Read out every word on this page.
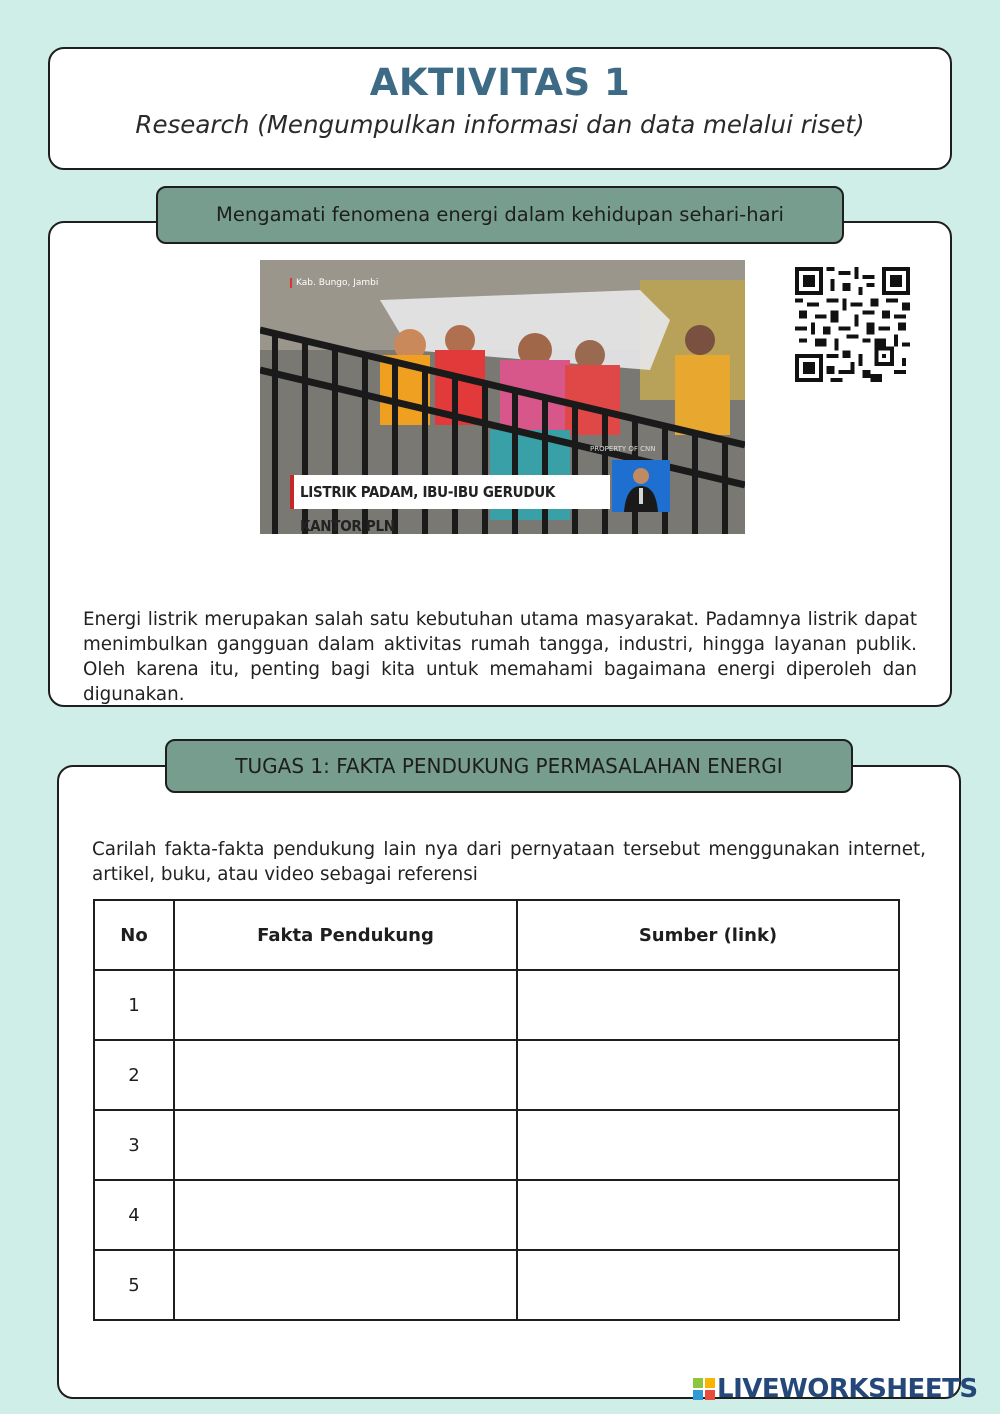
AKTIVITAS 1

Research (Mengumpulkan informasi dan data melalui riset)

Mengamati fenomena energi dalam kehidupan sehari-hari
Kab. Bungo, Jambi
PROPERTY OF CNN
LISTRIK PADAM, IBU-IBU GERUDUK KANTOR PLN

Energi listrik merupakan salah satu kebutuhan utama masyarakat. Padamnya listrik dapat menimbulkan gangguan dalam aktivitas rumah tangga, industri, hingga layanan publik. Oleh karena itu, penting bagi kita untuk memahami bagaimana energi diperoleh dan digunakan.

TUGAS 1: FAKTA PENDUKUNG PERMASALAHAN ENERGI

Carilah fakta-fakta pendukung lain nya dari pernyataan tersebut menggunakan internet, artikel, buku, atau video sebagai referensi

No	Fakta Pendukung	Sumber (link)
1		
2		
3		
4		
5		
LIVEWORKSHEETS
